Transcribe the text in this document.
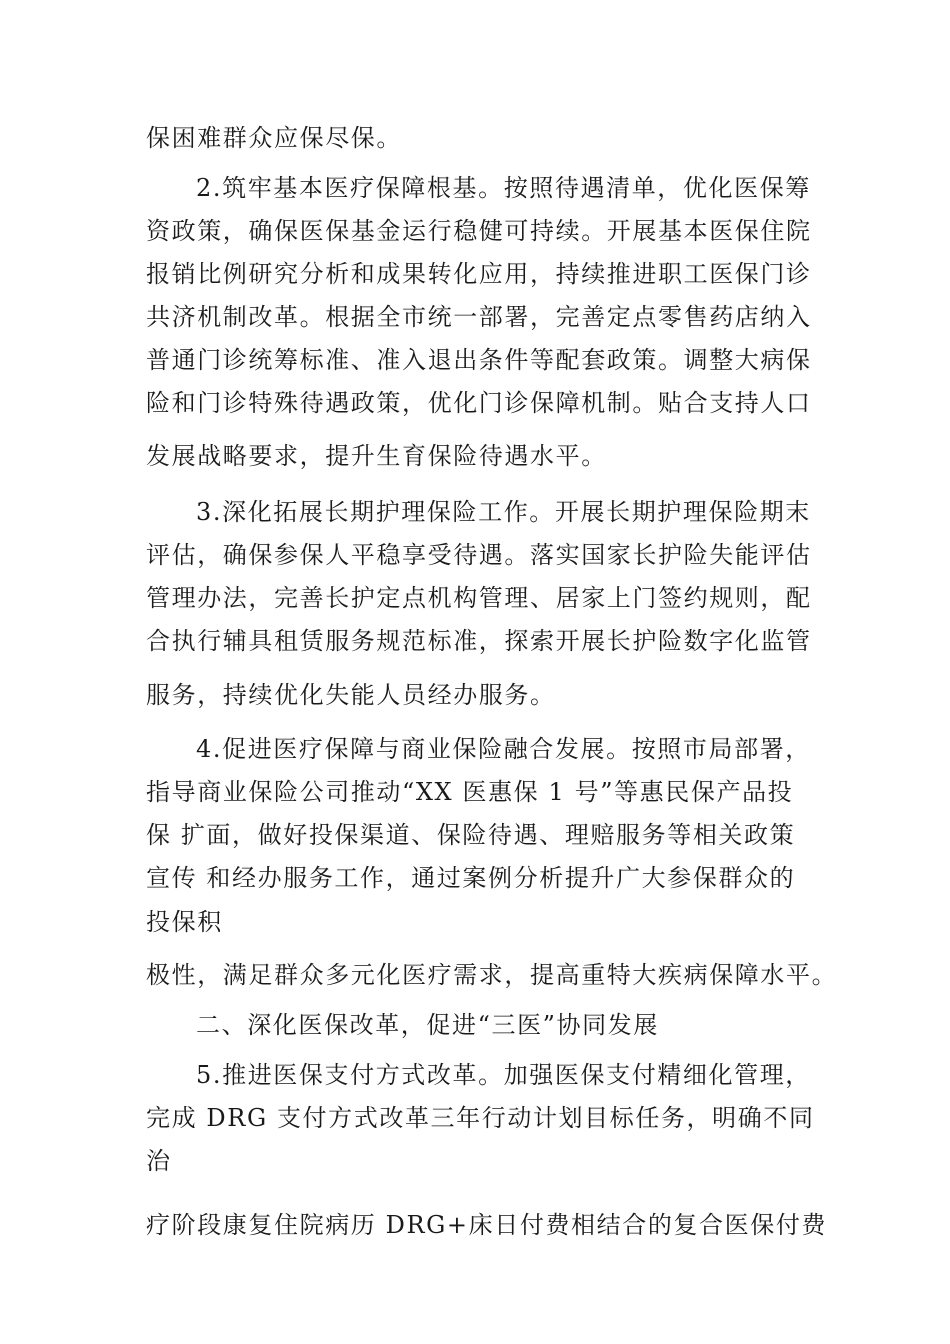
保困难群众应保尽保。
2.筑牢基本医疗保障根基。按照待遇清单，优化医保筹
资政策，确保医保基金运行稳健可持续。开展基本医保住院
报销比例研究分析和成果转化应用，持续推进职工医保门诊
共济机制改革。根据全市统一部署，完善定点零售药店纳入
普通门诊统筹标准、准入退出条件等配套政策。调整大病保
险和门诊特殊待遇政策，优化门诊保障机制。贴合支持人口
发展战略要求，提升生育保险待遇水平。
3.深化拓展长期护理保险工作。开展长期护理保险期末
评估，确保参保人平稳享受待遇。落实国家长护险失能评估
管理办法，完善长护定点机构管理、居家上门签约规则，配
合执行辅具租赁服务规范标准，探索开展长护险数字化监管
服务，持续优化失能人员经办服务。
4.促进医疗保障与商业保险融合发展。按照市局部署，
指导商业保险公司推动“XX 医惠保 1 号”等惠民保产品投
保 扩面，做好投保渠道、保险待遇、理赔服务等相关政策
宣传 和经办服务工作，通过案例分析提升广大参保群众的
投保积
极性，满足群众多元化医疗需求，提高重特大疾病保障水平。
二、深化医保改革，促进“三医”协同发展
5.推进医保支付方式改革。加强医保支付精细化管理，
完成 DRG 支付方式改革三年行动计划目标任务，明确不同
治
疗阶段康复住院病历 DRG+床日付费相结合的复合医保付费
